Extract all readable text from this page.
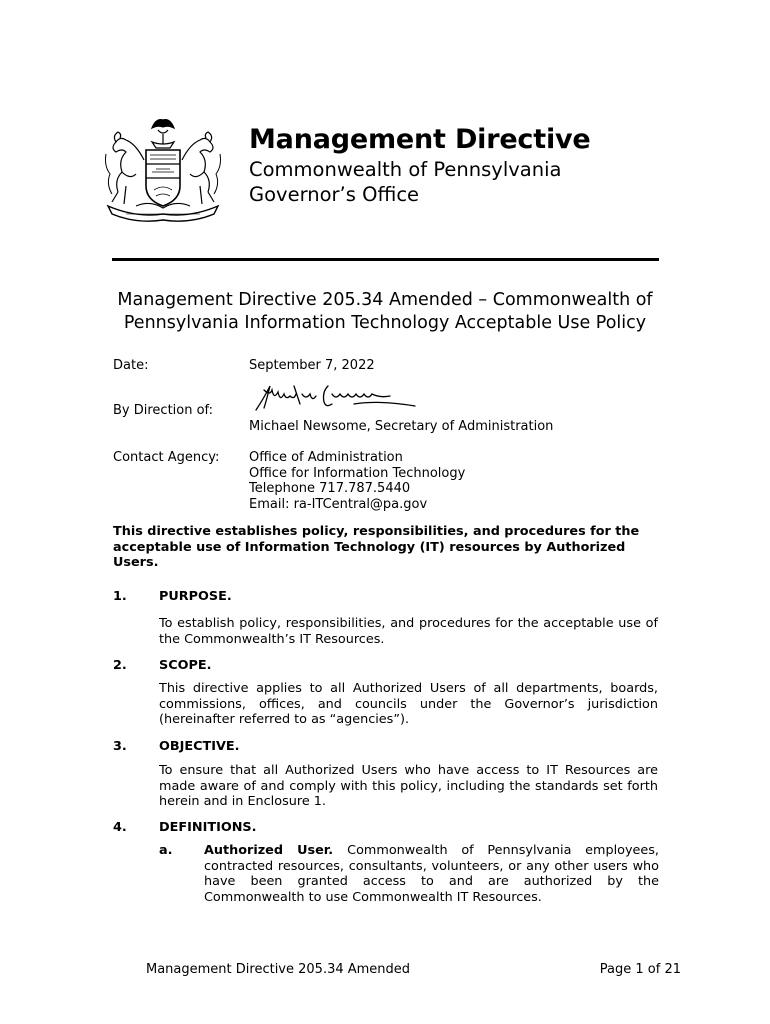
Management Directive
Commonwealth of Pennsylvania
Governor’s Office
Management Directive 205.34 Amended – Commonwealth of Pennsylvania Information Technology Acceptable Use Policy
Date:	September 7, 2022
By Direction of:
Michael Newsome, Secretary of Administration
Contact Agency: Office of Administration
Office for Information Technology
Telephone 717.787.5440
Email: ra-ITCentral@pa.gov
This directive establishes policy, responsibilities, and procedures for the acceptable use of Information Technology (IT) resources by Authorized Users.
1.	PURPOSE.
To establish policy, responsibilities, and procedures for the acceptable use of the Commonwealth’s IT Resources.
2.	SCOPE.
This directive applies to all Authorized Users of all departments, boards, commissions, offices, and councils under the Governor’s jurisdiction (hereinafter referred to as “agencies”).
3.	OBJECTIVE.
To ensure that all Authorized Users who have access to IT Resources are made aware of and comply with this policy, including the standards set forth herein and in Enclosure 1.
4.	DEFINITIONS.
a. Authorized User. Commonwealth of Pennsylvania employees, contracted resources, consultants, volunteers, or any other users who have been granted access to and are authorized by the Commonwealth to use Commonwealth IT Resources.
Management Directive 205.34 Amended	Page 1 of 21
